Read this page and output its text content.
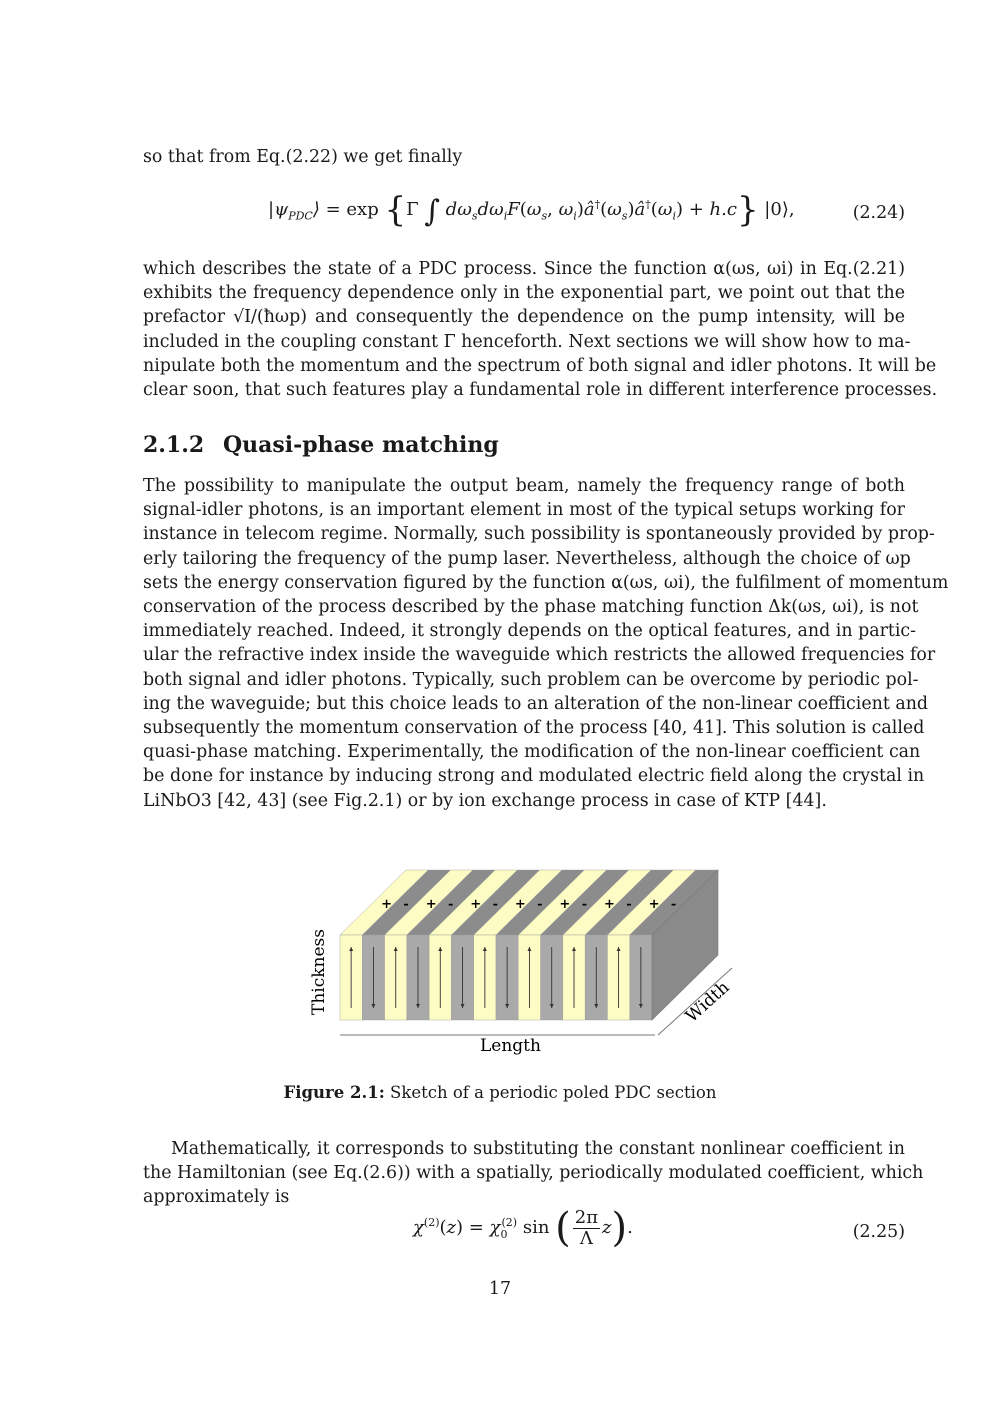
so that from Eq.(2.22) we get finally

$|\psi_{PDC}⟩ = \exp \{\Gamma$ ∫ $d\omega_sd\omega_iF(\omega_s$, $\omega_i)â^\dagger(\omega_s)â^\dagger(\omega_i) + h.c$} |0⟩,	(2.24)
which describes the state of a PDC process. Since the function α(ωs, ωi) in Eq.(2.21)
exhibits the frequency dependence only in the exponential part, we point out that the
prefactor √I/(ħωp) and consequently the dependence on the pump intensity, will be
included in the coupling constant Γ henceforth. Next sections we will show how to ma-
nipulate both the momentum and the spectrum of both signal and idler photons. It will be
clear soon, that such features play a fundamental role in different interference processes.
2.1.2 Quasi-phase matching
The possibility to manipulate the output beam, namely the frequency range of both
signal-idler photons, is an important element in most of the typical setups working for
instance in telecom regime. Normally, such possibility is spontaneously provided by prop-
erly tailoring the frequency of the pump laser. Nevertheless, although the choice of ωp
sets the energy conservation figured by the function α(ωs, ωi), the fulfilment of momentum
conservation of the process described by the phase matching function Δk(ωs, ωi), is not
immediately reached. Indeed, it strongly depends on the optical features, and in partic-
ular the refractive index inside the waveguide which restricts the allowed frequencies for
both signal and idler photons. Typically, such problem can be overcome by periodic pol-
ing the waveguide; but this choice leads to an alteration of the non-linear coefficient and
subsequently the momentum conservation of the process [40, 41]. This solution is called
quasi-phase matching. Experimentally, the modification of the non-linear coefficient can
be done for instance by inducing strong and modulated electric field along the crystal in
LiNbO3 [42, 43] (see Fig.2.1) or by ion exchange process in case of KTP [44].
+ - + - + - + - + - + - + -
Thickness
Length
Width
Figure 2.1: Sketch of a periodic poled PDC section
Mathematically, it corresponds to substituting the constant nonlinear coefficient in
the Hamiltonian (see Eq.(2.6)) with a spatially, periodically modulated coefficient, which
approximately is
$\chi^{(2)}(z) = \chi_0^{(2)}$ sin ( $\frac{2\pi}{\Lambda} z$).	(2.25)
17
